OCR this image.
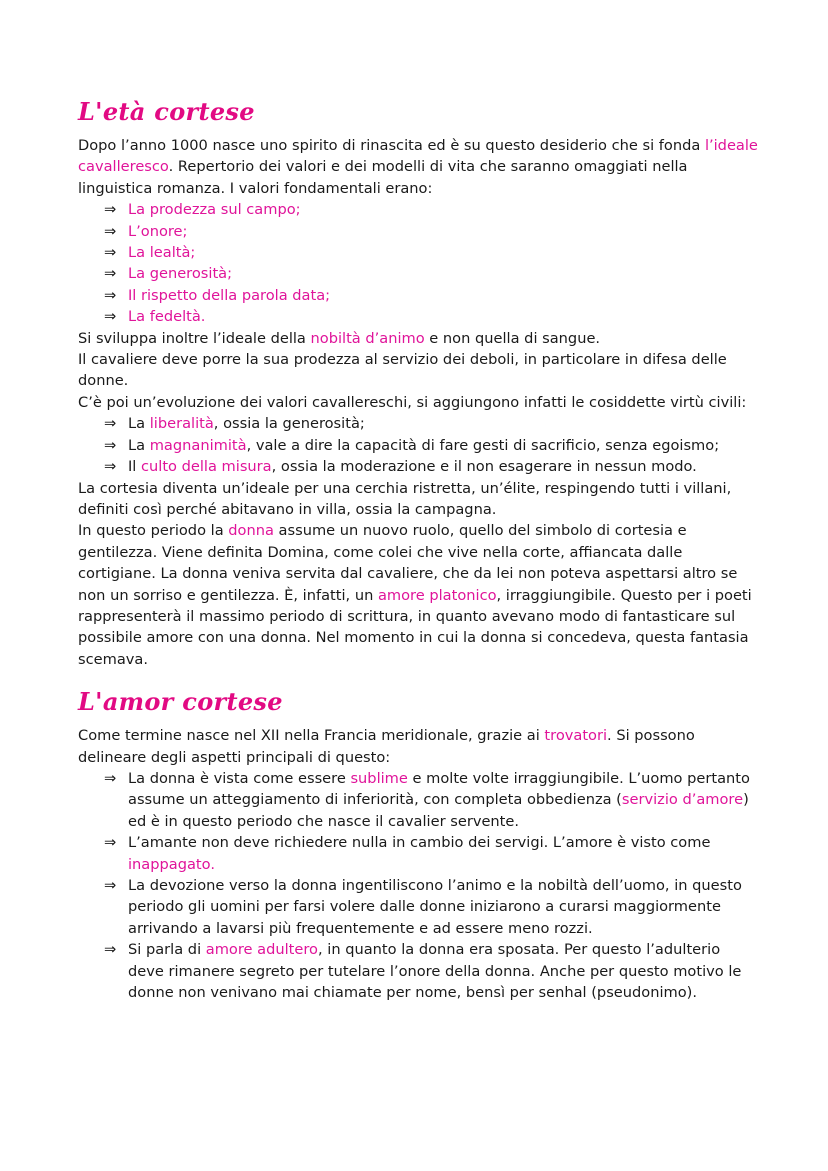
L'età cortese

Dopo l’anno 1000 nasce uno spirito di rinascita ed è su questo desiderio che si fonda l’ideale cavalleresco. Repertorio dei valori e dei modelli di vita che saranno omaggiati nella linguistica romanza. I valori fondamentali erano:

⇒ La prodezza sul campo;
⇒ L’onore;
⇒ La lealtà;
⇒ La generosità;
⇒ Il rispetto della parola data;
⇒ La fedeltà.

Si sviluppa inoltre l’ideale della nobiltà d’animo e non quella di sangue.

Il cavaliere deve porre la sua prodezza al servizio dei deboli, in particolare in difesa delle donne.

C’è poi un’evoluzione dei valori cavallereschi, si aggiungono infatti le cosiddette virtù civili:

⇒ La liberalità, ossia la generosità;
⇒ La magnanimità, vale a dire la capacità di fare gesti di sacrificio, senza egoismo;
⇒ Il culto della misura, ossia la moderazione e il non esagerare in nessun modo.

La cortesia diventa un’ideale per una cerchia ristretta, un’élite, respingendo tutti i villani, definiti così perché abitavano in villa, ossia la campagna.

In questo periodo la donna assume un nuovo ruolo, quello del simbolo di cortesia e gentilezza. Viene definita Domina, come colei che vive nella corte, affiancata dalle cortigiane. La donna veniva servita dal cavaliere, che da lei non poteva aspettarsi altro se non un sorriso e gentilezza. È, infatti, un amore platonico, irraggiungibile. Questo per i poeti rappresenterà il massimo periodo di scrittura, in quanto avevano modo di fantasticare sul possibile amore con una donna. Nel momento in cui la donna si concedeva, questa fantasia scemava.

L'amor cortese

Come termine nasce nel XII nella Francia meridionale, grazie ai trovatori. Si possono delineare degli aspetti principali di questo:

⇒ La donna è vista come essere sublime e molte volte irraggiungibile. L’uomo pertanto assume un atteggiamento di inferiorità, con completa obbedienza (servizio d’amore) ed è in questo periodo che nasce il cavalier servente.
⇒ L’amante non deve richiedere nulla in cambio dei servigi. L’amore è visto come inappagato.
⇒ La devozione verso la donna ingentiliscono l’animo e la nobiltà dell’uomo, in questo periodo gli uomini per farsi volere dalle donne iniziarono a curarsi maggiormente arrivando a lavarsi più frequentemente e ad essere meno rozzi.
⇒ Si parla di amore adultero, in quanto la donna era sposata. Per questo l’adulterio deve rimanere segreto per tutelare l’onore della donna. Anche per questo motivo le donne non venivano mai chiamate per nome, bensì per senhal (pseudonimo).
